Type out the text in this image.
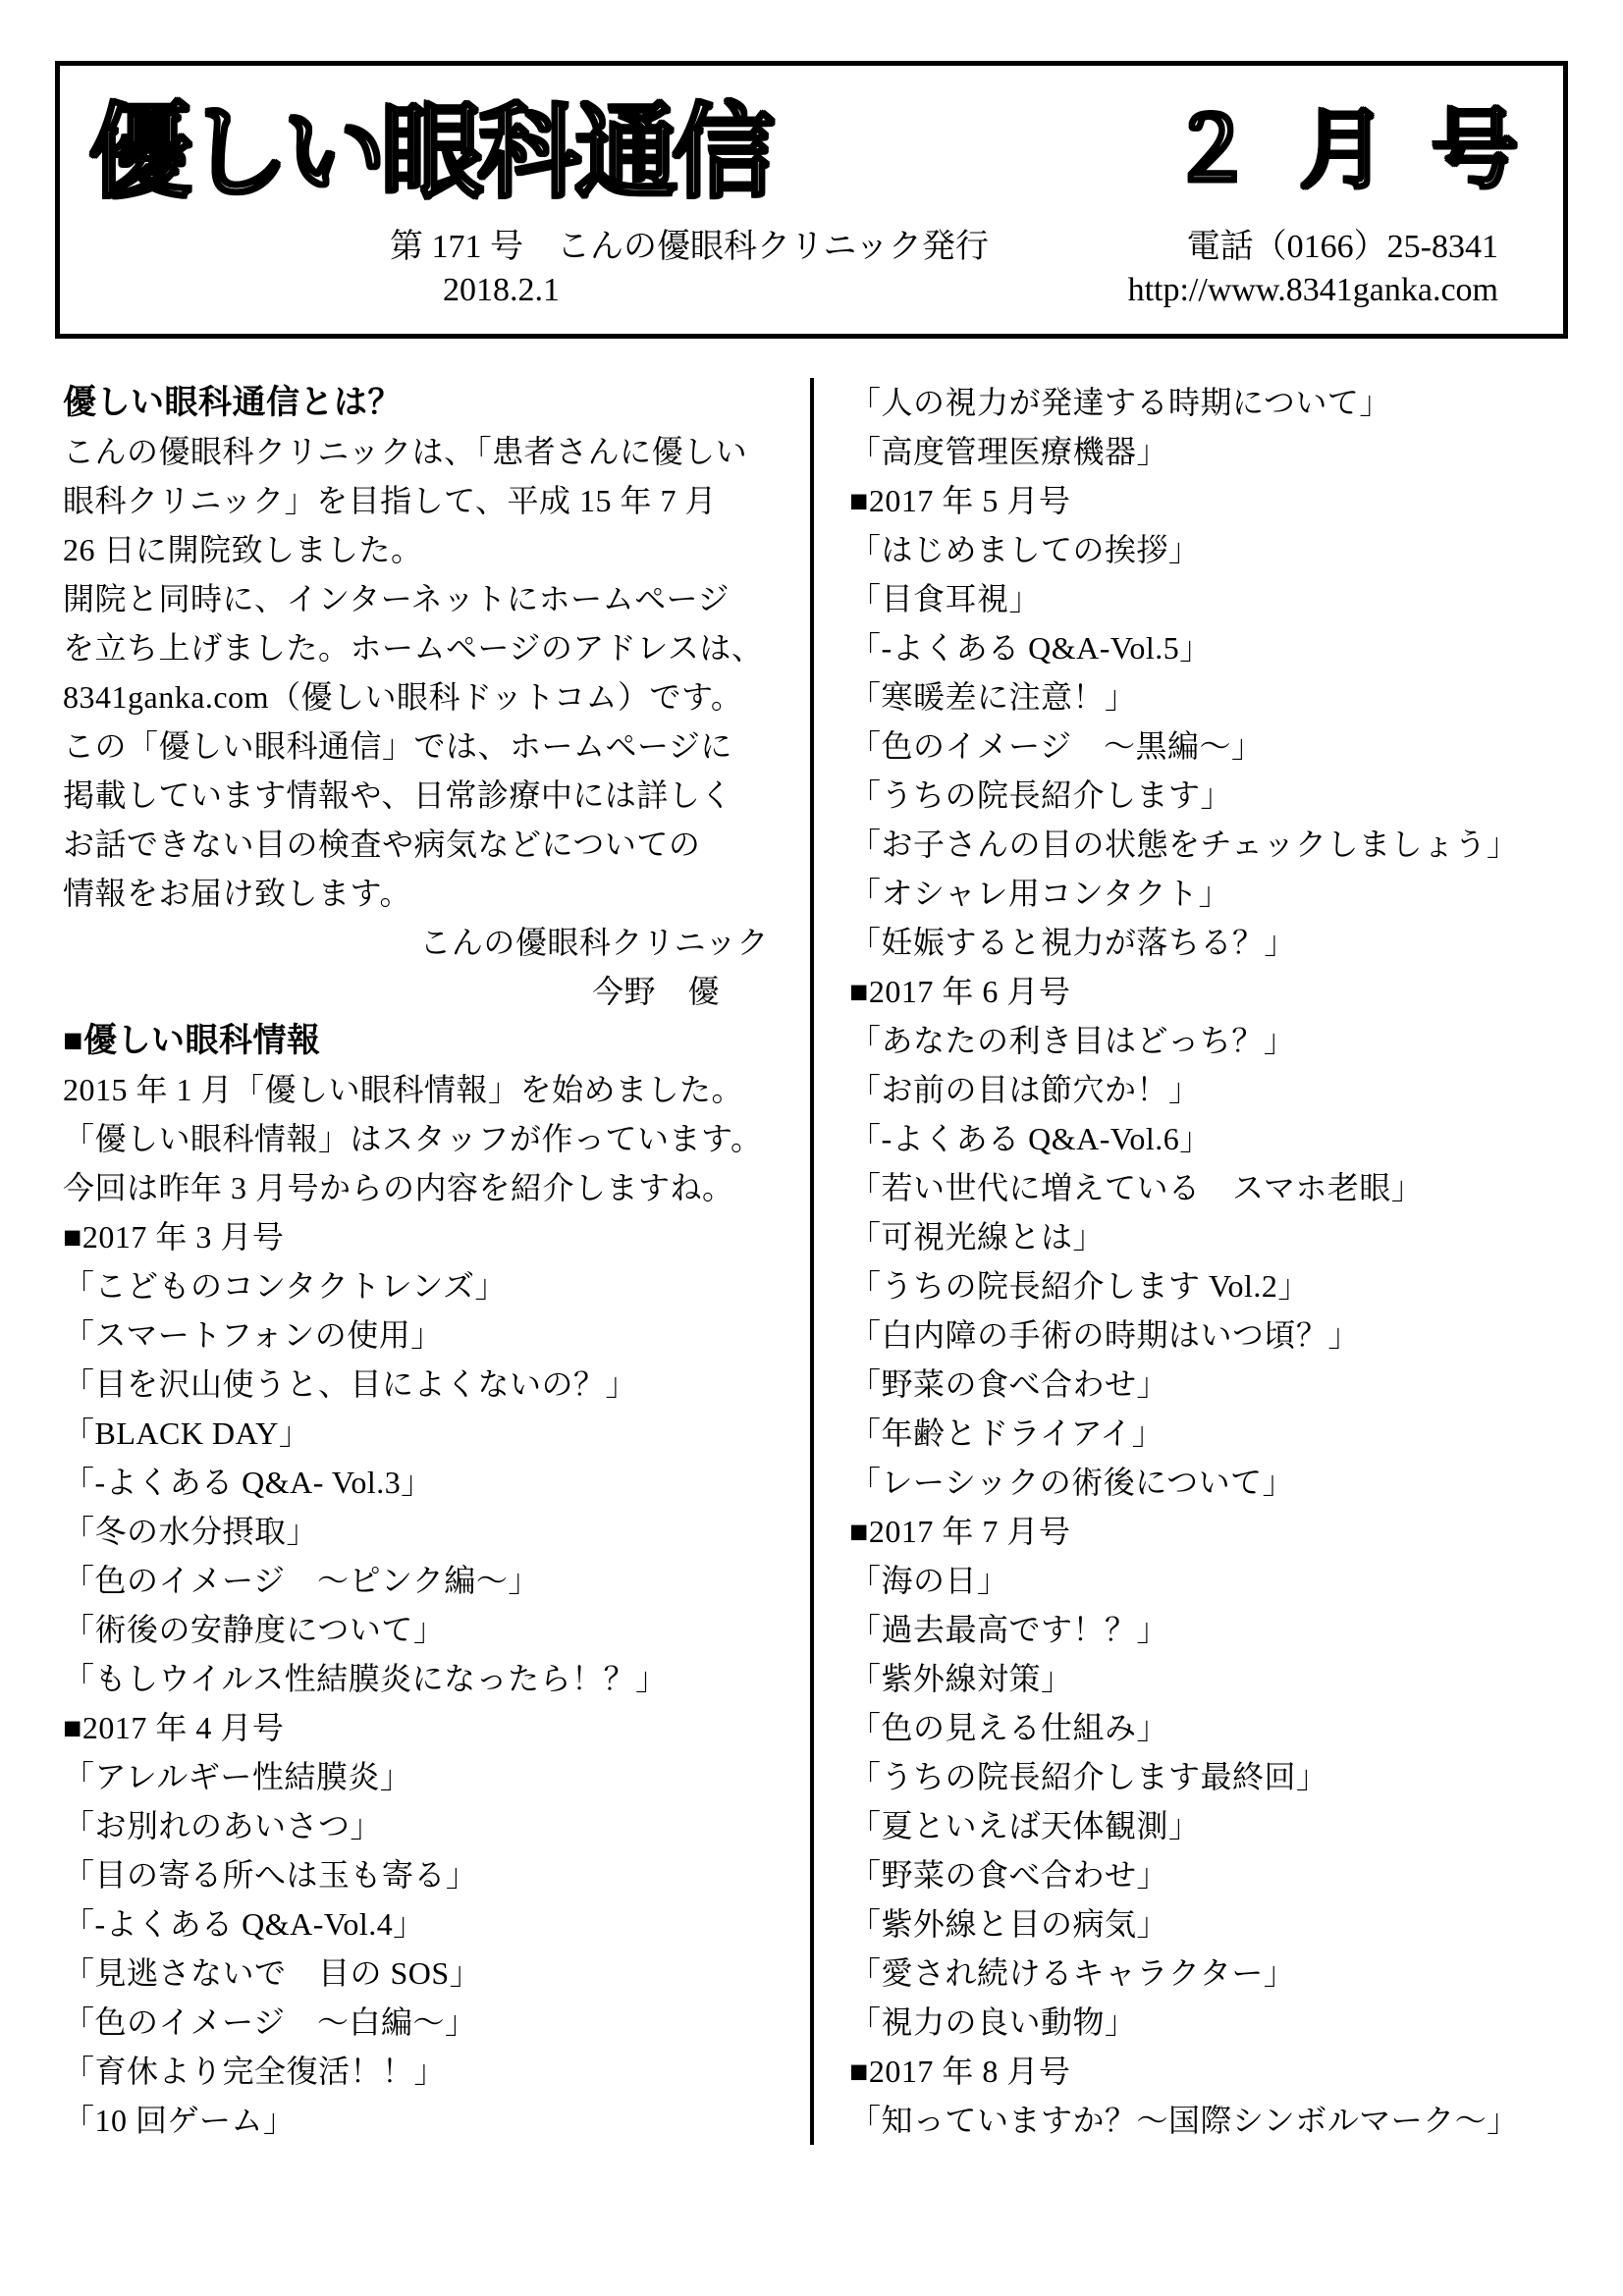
優しい眼科通信	２月号
第 171 号　こんの優眼科クリニック発行	電話（0166）25-8341
2018.2.1	http://www.8341ganka.com
優しい眼科通信とは？
こんの優眼科クリニックは、「患者さんに優しい
眼科クリニック」を目指して、平成 15 年 7 月
26 日に開院致しました。
開院と同時に、インターネットにホームページ
を立ち上げました。ホームページのアドレスは、
8341ganka.com（優しい眼科ドットコム）です。
この「優しい眼科通信」では、ホームページに
掲載しています情報や、日常診療中には詳しく
お話できない目の検査や病気などについての
情報をお届け致します。
こんの優眼科クリニック
今野　優
■優しい眼科情報
2015 年 1 月「優しい眼科情報」を始めました。
「優しい眼科情報」はスタッフが作っています。
今回は昨年 3 月号からの内容を紹介しますね。
■2017 年 3 月号
「こどものコンタクトレンズ」
「スマートフォンの使用」
「目を沢山使うと、目によくないの？」
「BLACK DAY」
「-よくある Q&A- Vol.3」
「冬の水分摂取」
「色のイメージ　～ピンク編～」
「術後の安静度について」
「もしウイルス性結膜炎になったら！？」
■2017 年 4 月号
「アレルギー性結膜炎」
「お別れのあいさつ」
「目の寄る所へは玉も寄る」
「-よくある Q&A-Vol.4」
「見逃さないで　目の SOS」
「色のイメージ　～白編～」
「育休より完全復活！！」
「10 回ゲーム」
「人の視力が発達する時期について」
「高度管理医療機器」
■2017 年 5 月号
「はじめましての挨拶」
「目食耳視」
「-よくある Q&A-Vol.5」
「寒暖差に注意！」
「色のイメージ　～黒編～」
「うちの院長紹介します」
「お子さんの目の状態をチェックしましょう」
「オシャレ用コンタクト」
「妊娠すると視力が落ちる？」
■2017 年 6 月号
「あなたの利き目はどっち？」
「お前の目は節穴か！」
「-よくある Q&A-Vol.6」
「若い世代に増えている　スマホ老眼」
「可視光線とは」
「うちの院長紹介します Vol.2」
「白内障の手術の時期はいつ頃？」
「野菜の食べ合わせ」
「年齢とドライアイ」
「レーシックの術後について」
■2017 年 7 月号
「海の日」
「過去最高です！？」
「紫外線対策」
「色の見える仕組み」
「うちの院長紹介します最終回」
「夏といえば天体観測」
「野菜の食べ合わせ」
「紫外線と目の病気」
「愛され続けるキャラクター」
「視力の良い動物」
■2017 年 8 月号
「知っていますか？～国際シンボルマーク～」
